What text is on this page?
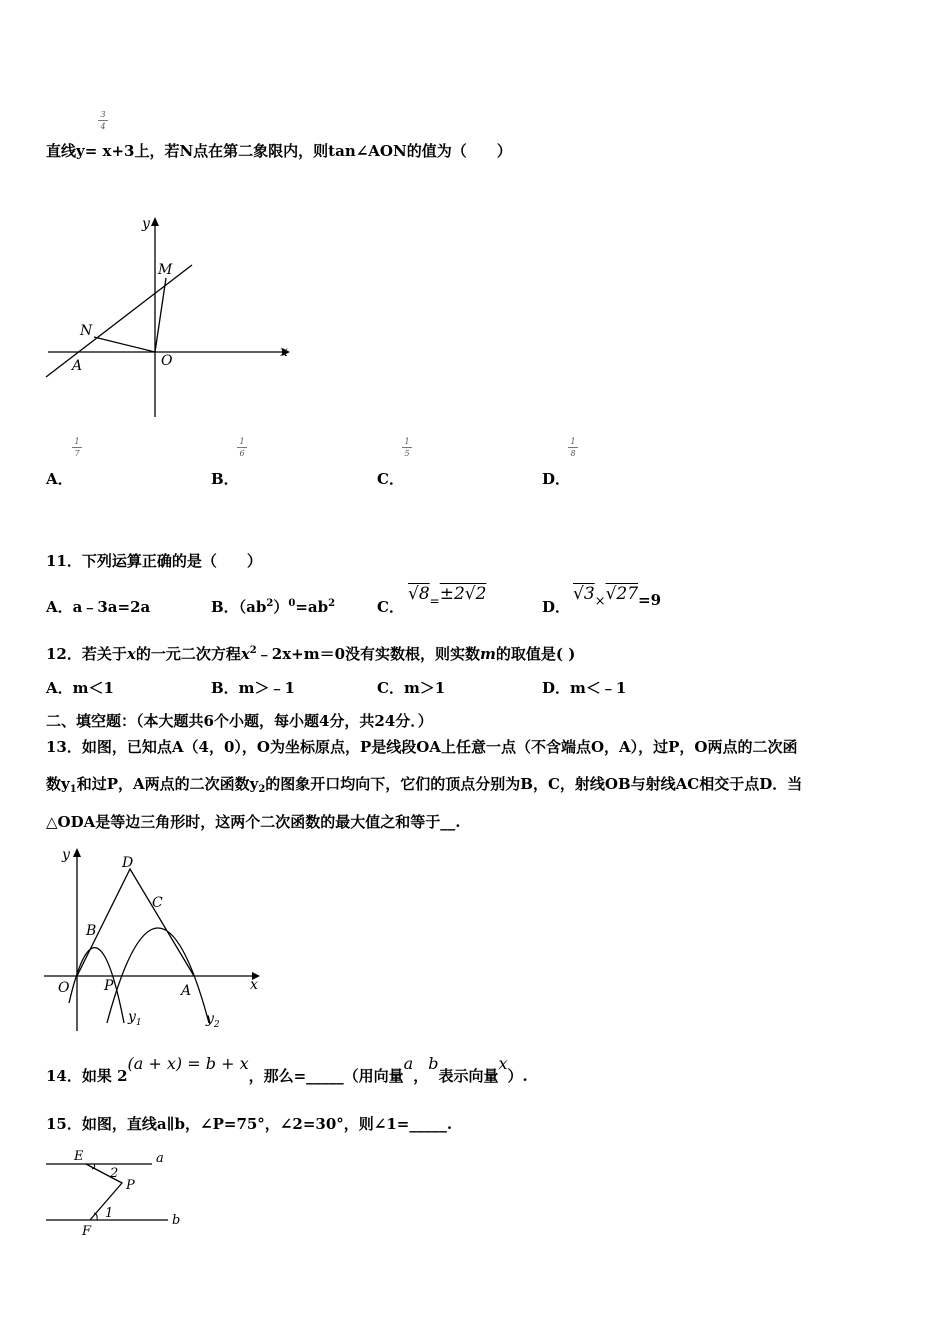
3
4
直线y= x+3上，若N点在第二象限内，则tan∠AON的值为（　　）
y
x
M
N
A	O
1
7
A．
1
6
B．
1
5
C．
1
8
D．
11．下列运算正确的是（　　）
A．a﹣3a=2a	B．$(ab^2)^0=ab^2$	C．
$√8_=\pm 2√2$
D．
$√3_\times√27=9$
12．若关于x的一元二次方程$x^2﹣2x+m=0$没有实数根，则实数m的取值是( )
A．m＜1	B．m＞﹣1	C．m＞1	D．m＜﹣1
二、填空题：（本大题共6个小题，每小题4分，共24分．）
13．如图，已知点A（4，0），O为坐标原点，P是线段OA上任意一点（不含端点O，A），过P，O两点的二次函
数$y_1$和过P，A两点的二次函数$y_2$的图象开口均向下，它们的顶点分别为B，C，射线OB与射线AC相交于点D．当
△ODA是等边三角形时，这两个二次函数的最大值之和等于__.
y
x
D
C
B
O P	A
$y_1$	$y_2$
14．如果 2(a + x) = b + x，那么=_____（用向量a，b表示向量x）.
15．如图，直线a∥b，∠P=75°，∠2=30°，则∠1=_____.
E	a
2
P
1	b
F
